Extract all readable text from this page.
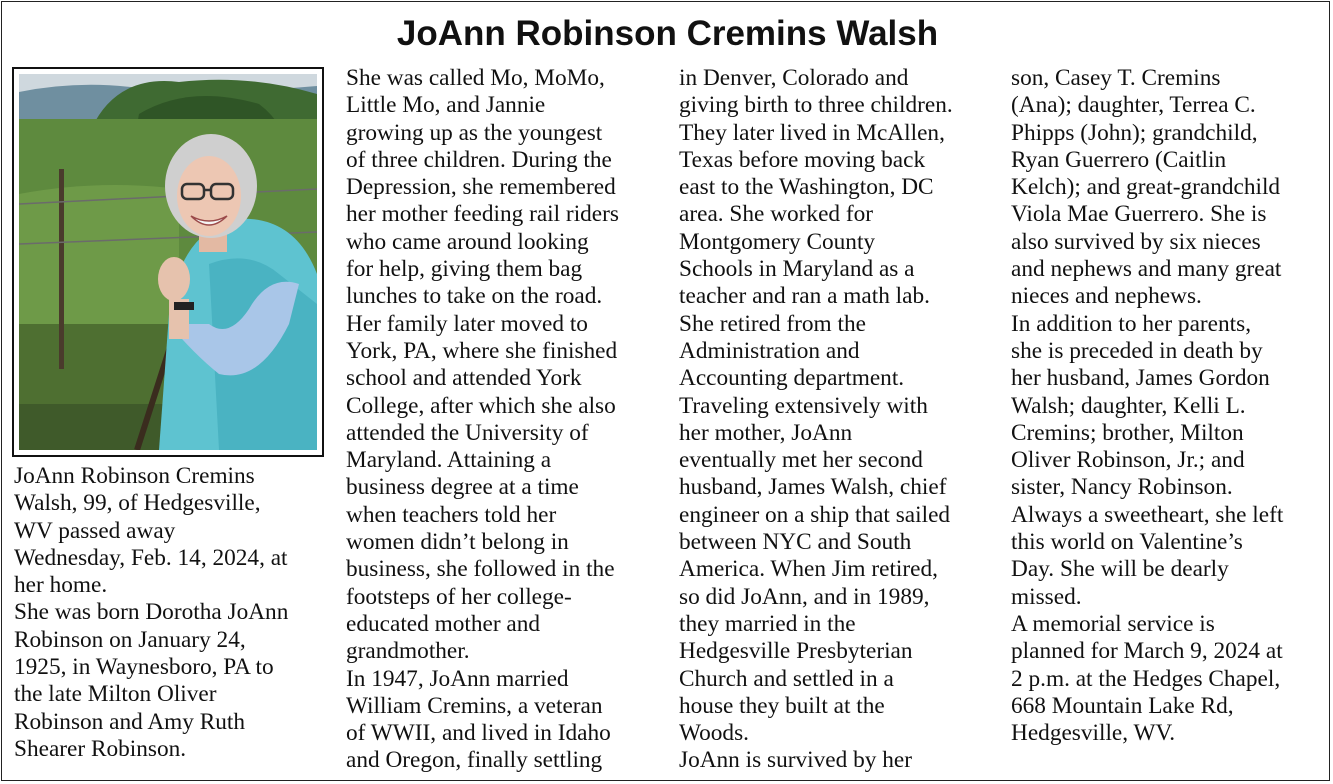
JoAnn Robinson Cremins Walsh
JoAnn Robinson Cremins
Walsh, 99, of Hedgesville,
WV passed away
Wednesday, Feb. 14, 2024, at
her home.
She was born Dorotha JoAnn
Robinson on January 24,
1925, in Waynesboro, PA to
the late Milton Oliver
Robinson and Amy Ruth
Shearer Robinson.
She was called Mo, MoMo,
Little Mo, and Jannie
growing up as the youngest
of three children. During the
Depression, she remembered
her mother feeding rail riders
who came around looking
for help, giving them bag
lunches to take on the road.
Her family later moved to
York, PA, where she finished
school and attended York
College, after which she also
attended the University of
Maryland. Attaining a
business degree at a time
when teachers told her
women didn’t belong in
business, she followed in the
footsteps of her college-
educated mother and
grandmother.
In 1947, JoAnn married
William Cremins, a veteran
of WWII, and lived in Idaho
and Oregon, finally settling
in Denver, Colorado and
giving birth to three children.
They later lived in McAllen,
Texas before moving back
east to the Washington, DC
area. She worked for
Montgomery County
Schools in Maryland as a
teacher and ran a math lab.
She retired from the
Administration and
Accounting department.
Traveling extensively with
her mother, JoAnn
eventually met her second
husband, James Walsh, chief
engineer on a ship that sailed
between NYC and South
America. When Jim retired,
so did JoAnn, and in 1989,
they married in the
Hedgesville Presbyterian
Church and settled in a
house they built at the
Woods.
JoAnn is survived by her
son, Casey T. Cremins
(Ana); daughter, Terrea C.
Phipps (John); grandchild,
Ryan Guerrero (Caitlin
Kelch); and great-grandchild
Viola Mae Guerrero. She is
also survived by six nieces
and nephews and many great
nieces and nephews.
In addition to her parents,
she is preceded in death by
her husband, James Gordon
Walsh; daughter, Kelli L.
Cremins; brother, Milton
Oliver Robinson, Jr.; and
sister, Nancy Robinson.
Always a sweetheart, she left
this world on Valentine’s
Day. She will be dearly
missed.
A memorial service is
planned for March 9, 2024 at
2 p.m. at the Hedges Chapel,
668 Mountain Lake Rd,
Hedgesville, WV.
